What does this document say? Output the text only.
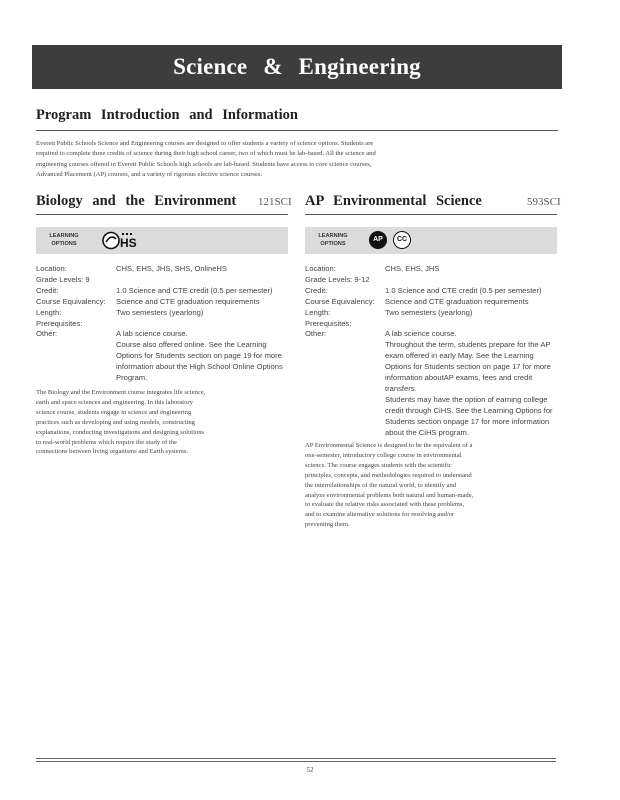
Science & Engineering
Program Introduction and Information
Everett Public Schools Science and Engineering courses are designed to offer students a variety of science options. Students are required to complete three credits of science during their high school career, two of which must be lab-based. All the science and engineering courses offered in Everett Public Schools high schools are lab-based. Students have access to core science courses, Advanced Placement (AP) courses, and a variety of rigorous elective science courses.
Biology and the Environment 121SCI
LEARNING OPTIONS	HS
Location:	CHS, EHS, JHS, SHS, OnlineHS
Grade Levels: 9
Credit:	1.0 Science and CTE credit (0.5 per semester)
Course Equivalency:	Science and CTE graduation requirements
Length:	Two semesters (yearlong)
Prerequisites:
Other:	A lab science course.

Course also offered online. See the Learning Options for Students section on page 19 for more information about the High School Online Options Program.

The Biology and the Environment course integrates life science, earth and space sciences and engineering. In this laboratory science course, students engage in science and engineering practices such as developing and using models, constructing explanations, conducting investigations and designing solutions to real-world problems which require the study of the connections between living organisms and Earth systems.
AP Environmental Science	593SCI
LEARNING OPTIONS
AP	CC
Location:	CHS, EHS, JHS
Grade Levels: 9-12
Credit:	1.0 Science and CTE credit (0.5 per semester)
Course Equivalency:	Science and CTE graduation requirements
Length:	Two semesters (yearlong)
Prerequisites:
Other:	A lab science course.

Throughout the term, students prepare for the AP exam offered in early May. See the Learning Options for Students section on page 17 for more information aboutAP exams, fees and credit transfers.

Students may have the option of earning college credit through CiHS. See the Learning Options for Students section onpage 17 for more information about the CiHS program.

AP Environmental Science is designed to be the equivalent of a one-semester, introductory college course in environmental science. The course engages students with the scientific principles, concepts, and methodologies required to understand the interrelationships of the natural world, to identify and analyze environmental problems both natural and human-made, to evaluate the relative risks associated with these problems, and to examine alternative solutions for resolving and/or preventing them.
52
